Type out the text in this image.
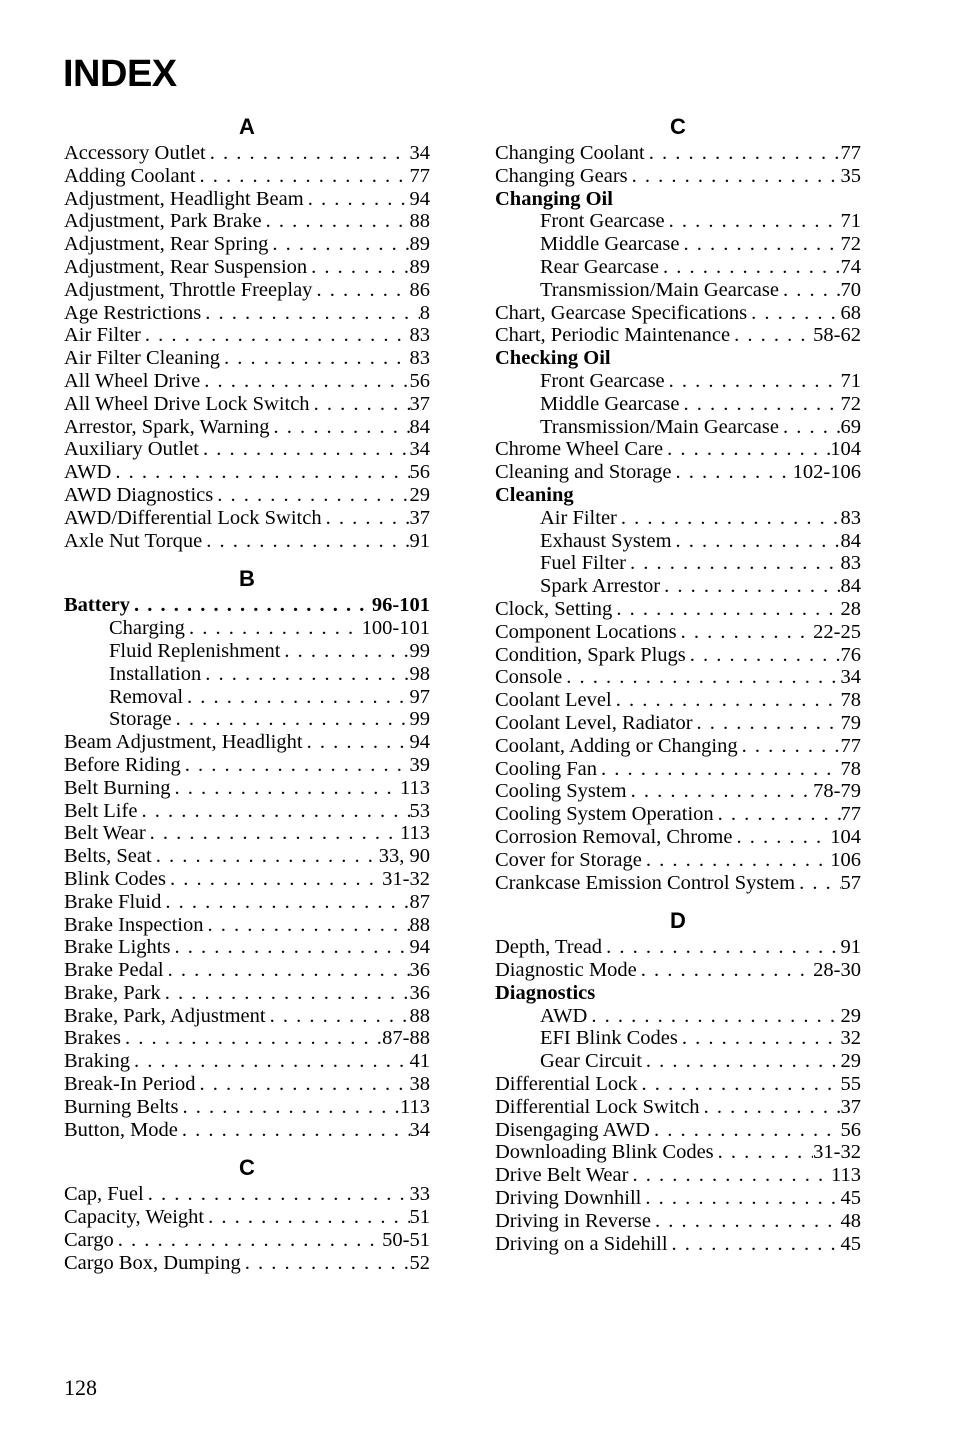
INDEX
A
Accessory Outlet . . .	34
Adding Coolant . . .	77
Adjustment, Headlight Beam . . .	94
Adjustment, Park Brake . . .	88
Adjustment, Rear Spring . . .	89
Adjustment, Rear Suspension . . .	89
Adjustment, Throttle Freeplay . . .	86
Age Restrictions . . .	8
Air Filter . . .	83
Air Filter Cleaning . . .	83
All Wheel Drive . . .	56
All Wheel Drive Lock Switch . . .	37
Arrestor, Spark, Warning . . .	84
Auxiliary Outlet . . .	34
AWD . . .	56
AWD Diagnostics . . .	29
AWD/Differential Lock Switch . . .	37
Axle Nut Torque . . .	91
B
Battery . . .	96-101
Charging . . .	100-101
Fluid Replenishment . . .	99
Installation . . .	98
Removal . . .	97
Storage . . .	99
Beam Adjustment, Headlight . . .	94
Before Riding . . .	39
Belt Burning . . .	113
Belt Life . . .	53
Belt Wear . . .	113
Belts, Seat . . .	33, 90
Blink Codes . . .	31-32
Brake Fluid . . .	87
Brake Inspection . . .	88
Brake Lights . . .	94
Brake Pedal . . .	36
Brake, Park . . .	36
Brake, Park, Adjustment . . .	88
Brakes . . .	87-88
Braking . . .	41
Break-In Period . . .	38
Burning Belts . . .	113
Button, Mode . . .	34
C
Cap, Fuel . . .	33
Capacity, Weight . . .	51
Cargo . . .	50-51
Cargo Box, Dumping . . .	52
C
Changing Coolant . . .	77
Changing Gears . . .	35
Changing Oil
Front Gearcase . . .	71
Middle Gearcase . . .	72
Rear Gearcase . . .	74
Transmission/Main Gearcase . . .	70
Chart, Gearcase Specifications . . .	68
Chart, Periodic Maintenance . . .	58-62
Checking Oil
Front Gearcase . . .	71
Middle Gearcase . . .	72
Transmission/Main Gearcase . . .	69
Chrome Wheel Care . . .	104
Cleaning and Storage . . .	102-106
Cleaning
Air Filter . . .	83
Exhaust System . . .	84
Fuel Filter . . .	83
Spark Arrestor . . .	84
Clock, Setting . . .	28
Component Locations . . .	22-25
Condition, Spark Plugs . . .	76
Console . . .	34
Coolant Level . . .	78
Coolant Level, Radiator . . .	79
Coolant, Adding or Changing . . .	77
Cooling Fan . . .	78
Cooling System . . .	78-79
Cooling System Operation . . .	77
Corrosion Removal, Chrome . . .	104
Cover for Storage . . .	106
Crankcase Emission Control System . . . 57
D
Depth, Tread . . .	91
Diagnostic Mode . . .	28-30
Diagnostics
AWD . . .	29
EFI Blink Codes . . .	32
Gear Circuit . . .	29
Differential Lock . . .	55
Differential Lock Switch . . .	37
Disengaging AWD . . .	56
Downloading Blink Codes . . .	31-32
Drive Belt Wear . . .	113
Driving Downhill . . .	45
Driving in Reverse . . .	48
Driving on a Sidehill . . .	45
128
